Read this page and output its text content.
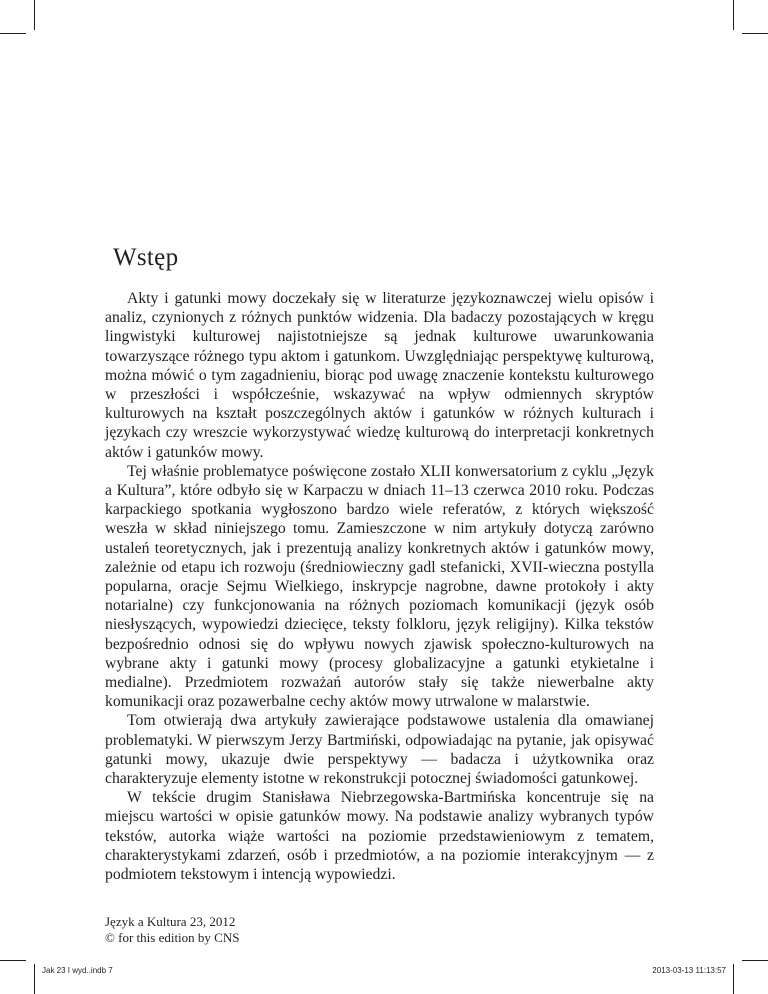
Wstęp

Akty i gatunki mowy doczekały się w literaturze językoznawczej wielu opisów i analiz, czynionych z różnych punktów widzenia. Dla badaczy pozostających w kręgu lingwistyki kulturowej najistotniejsze są jednak kulturowe uwarunkowania towarzyszące różnego typu aktom i gatunkom. Uwzględniając perspektywę kulturową, można mówić o tym zagadnieniu, biorąc pod uwagę znaczenie kontekstu kulturowego w przeszłości i współcześnie, wskazywać na wpływ odmiennych skryptów kulturowych na kształt poszczególnych aktów i gatunków w różnych kulturach i językach czy wreszcie wykorzystywać wiedzę kulturową do interpretacji konkretnych aktów i gatunków mowy.

Tej właśnie problematyce poświęcone zostało XLII konwersatorium z cyklu „Język a Kultura”, które odbyło się w Karpaczu w dniach 11–13 czerwca 2010 roku. Podczas karpackiego spotkania wygłoszono bardzo wiele referatów, z których większość weszła w skład niniejszego tomu. Zamieszczone w nim artykuły dotyczą zarówno ustaleń teoretycznych, jak i prezentują analizy konkretnych aktów i gatunków mowy, zależnie od etapu ich rozwoju (średniowieczny gadl stefanicki, XVII-wieczna postylla popularna, oracje Sejmu Wielkiego, inskrypcje nagrobne, dawne protokoły i akty notarialne) czy funkcjonowania na różnych poziomach komunikacji (język osób niesłyszących, wypowiedzi dziecięce, teksty folkloru, język religijny). Kilka tekstów bezpośrednio odnosi się do wpływu nowych zjawisk społeczno-kulturowych na wybrane akty i gatunki mowy (procesy globalizacyjne a gatunki etykietalne i medialne). Przedmiotem rozważań autorów stały się także niewerbalne akty komunikacji oraz pozawerbalne cechy aktów mowy utrwalone w malarstwie.

Tom otwierają dwa artykuły zawierające podstawowe ustalenia dla omawianej problematyki. W pierwszym Jerzy Bartmiński, odpowiadając na pytanie, jak opisywać gatunki mowy, ukazuje dwie perspektywy — badacza i użytkownika oraz charakteryzuje elementy istotne w rekonstrukcji potocznej świadomości gatunkowej.

W tekście drugim Stanisława Niebrzegowska-Bartmińska koncentruje się na miejscu wartości w opisie gatunków mowy. Na podstawie analizy wybranych typów tekstów, autorka wiąże wartości na poziomie przedstawieniowym z tematem, charakterystykami zdarzeń, osób i przedmiotów, a na poziomie interakcyjnym — z podmiotem tekstowym i intencją wypowiedzi.

Język a Kultura 23, 2012
© for this edition by CNS
Jak 23 I wyd..indb 7	2013-03-13 11:13:57
